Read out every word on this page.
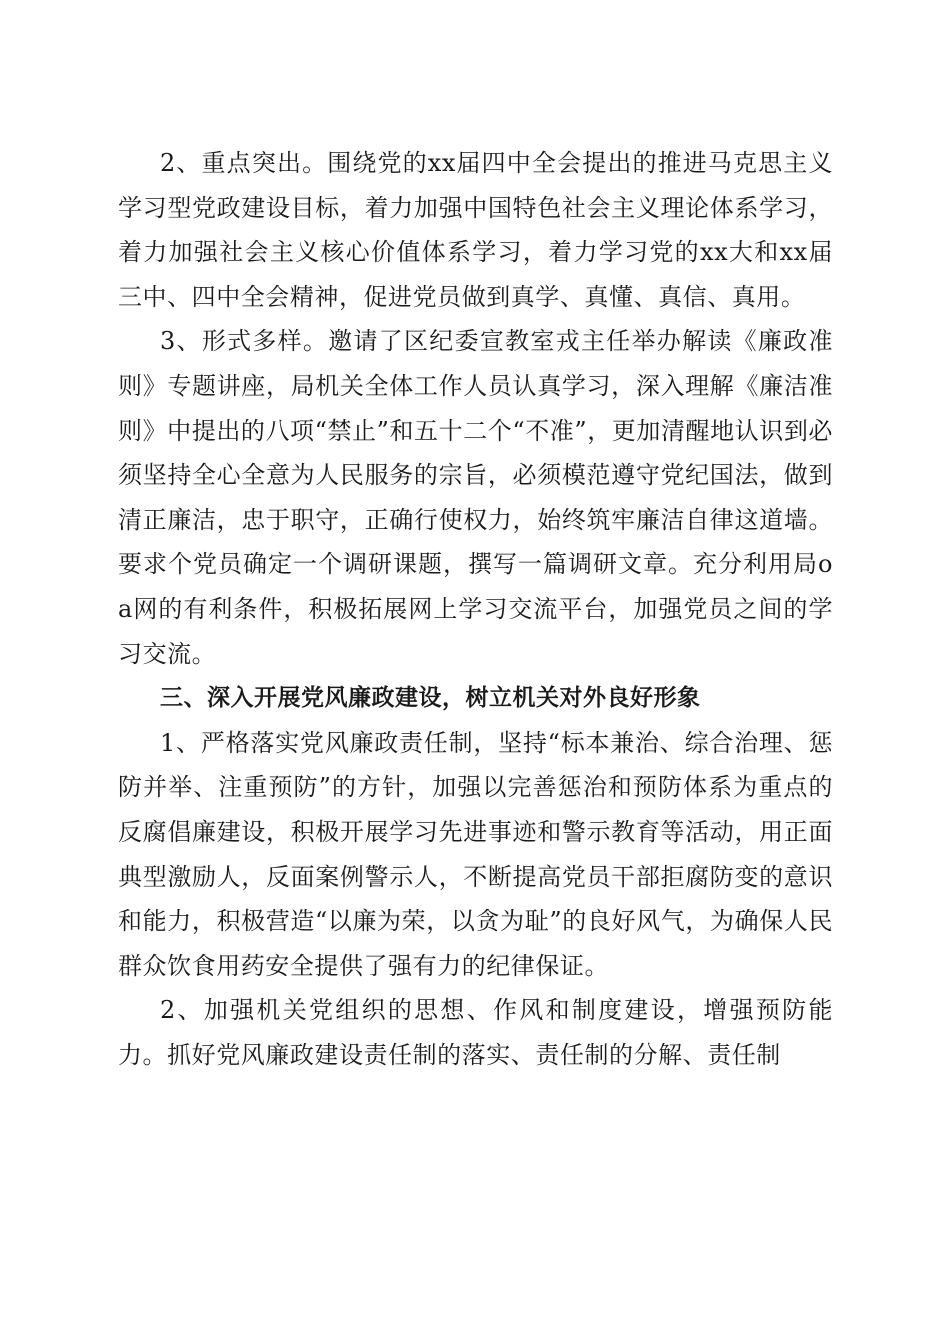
2、重点突出。围绕党的xx届四中全会提出的推进马克思主义学习型党政建设目标，着力加强中国特色社会主义理论体系学习，着力加强社会主义核心价值体系学习，着力学习党的xx大和xx届三中、四中全会精神，促进党员做到真学、真懂、真信、真用。

3、形式多样。邀请了区纪委宣教室戎主任举办解读《廉政准则》专题讲座，局机关全体工作人员认真学习，深入理解《廉洁准则》中提出的八项“禁止”和五十二个“不准”，更加清醒地认识到必须坚持全心全意为人民服务的宗旨，必须模范遵守党纪国法，做到清正廉洁，忠于职守，正确行使权力，始终筑牢廉洁自律这道墙。要求个党员确定一个调研课题，撰写一篇调研文章。充分利用局oa网的有利条件，积极拓展网上学习交流平台，加强党员之间的学习交流。

三、深入开展党风廉政建设，树立机关对外良好形象

1、严格落实党风廉政责任制，坚持“标本兼治、综合治理、惩防并举、注重预防”的方针，加强以完善惩治和预防体系为重点的反腐倡廉建设，积极开展学习先进事迹和警示教育等活动，用正面典型激励人，反面案例警示人，不断提高党员干部拒腐防变的意识和能力，积极营造“以廉为荣，以贪为耻”的良好风气，为确保人民群众饮食用药安全提供了强有力的纪律保证。

2、加强机关党组织的思想、作风和制度建设，增强预防能力。抓好党风廉政建设责任制的落实、责任制的分解、责任制
